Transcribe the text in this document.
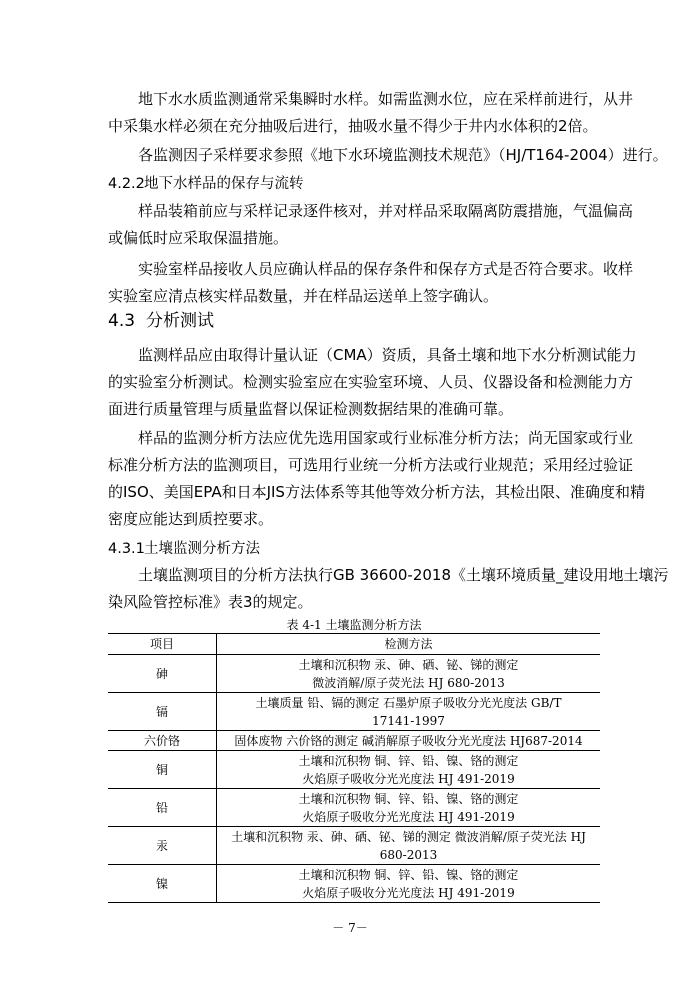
地下水水质监测通常采集瞬时水样。如需监测水位，应在采样前进行，从井
中采集水样必须在充分抽吸后进行，抽吸水量不得少于井内水体积的2倍。
各监测因子采样要求参照《地下水环境监测技术规范》（HJ/T164-2004）进行。
4.2.2地下水样品的保存与流转
样品装箱前应与采样记录逐件核对，并对样品采取隔离防震措施，气温偏高
或偏低时应采取保温措施。
实验室样品接收人员应确认样品的保存条件和保存方式是否符合要求。收样
实验室应清点核实样品数量，并在样品运送单上签字确认。
4.3 分析测试
监测样品应由取得计量认证（CMA）资质，具备土壤和地下水分析测试能力
的实验室分析测试。检测实验室应在实验室环境、人员、仪器设备和检测能力方
面进行质量管理与质量监督以保证检测数据结果的准确可靠。
样品的监测分析方法应优先选用国家或行业标准分析方法；尚无国家或行业
标准分析方法的监测项目，可选用行业统一分析方法或行业规范；采用经过验证
的ISO、美国EPA和日本JIS方法体系等其他等效分析方法，其检出限、准确度和精
密度应能达到质控要求。
4.3.1土壤监测分析方法
土壤监测项目的分析方法执行GB 36600-2018《土壤环境质量_建设用地土壤污
染风险管控标准》表3的规定。
表 4-1 土壤监测分析方法
项目	检测方法
砷	土壤和沉积物 汞、砷、硒、铋、锑的测定
微波消解/原子荧光法 HJ 680-2013

镉	土壤质量 铅、镉的测定 石墨炉原子吸收分光光度法 GB/T
17141-1997

六价铬	固体废物 六价铬的测定 碱消解原子吸收分光光度法 HJ687-2014

铜	土壤和沉积物 铜、锌、铅、镍、铬的测定
火焰原子吸收分光光度法 HJ 491-2019

铅	土壤和沉积物 铜、锌、铅、镍、铬的测定
火焰原子吸收分光光度法 HJ 491-2019

汞	土壤和沉积物 汞、砷、硒、铋、锑的测定 微波消解/原子荧光法 HJ
680-2013

镍	土壤和沉积物 铜、锌、铅、镍、铬的测定
火焰原子吸收分光光度法 HJ 491-2019
－ 7－
